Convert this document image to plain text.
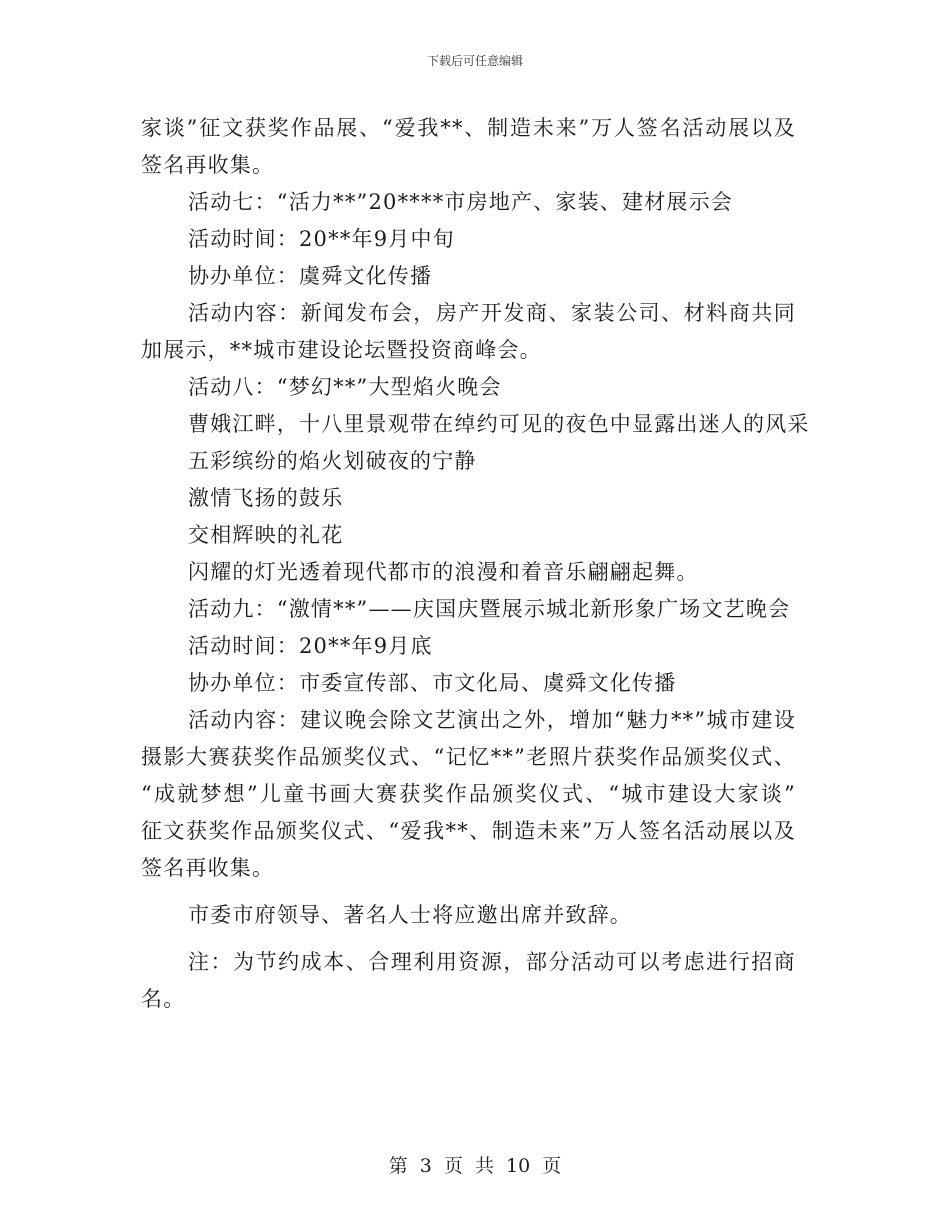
下载后可任意编辑
家谈”征文获奖作品展、“爱我**、制造未来”万人签名活动展以及
签名再收集。
活动七：“活力**”20****市房地产、家装、建材展示会
活动时间：20**年9月中旬
协办单位：虞舜文化传播
活动内容：新闻发布会，房产开发商、家装公司、材料商共同
加展示，**城市建设论坛暨投资商峰会。
活动八：“梦幻**”大型焰火晚会
曹娥江畔，十八里景观带在绰约可见的夜色中显露出迷人的风采
五彩缤纷的焰火划破夜的宁静
激情飞扬的鼓乐
交相辉映的礼花
闪耀的灯光透着现代都市的浪漫和着音乐翩翩起舞。
活动九：“激情**”——庆国庆暨展示城北新形象广场文艺晚会
活动时间：20**年9月底
协办单位：市委宣传部、市文化局、虞舜文化传播
活动内容：建议晚会除文艺演出之外，增加“魅力**”城市建设
摄影大赛获奖作品颁奖仪式、“记忆**”老照片获奖作品颁奖仪式、
“成就梦想”儿童书画大赛获奖作品颁奖仪式、“城市建设大家谈”
征文获奖作品颁奖仪式、“爱我**、制造未来”万人签名活动展以及
签名再收集。
市委市府领导、著名人士将应邀出席并致辞。
注：为节约成本、合理利用资源，部分活动可以考虑进行招商
名。
第 3 页 共 10 页
